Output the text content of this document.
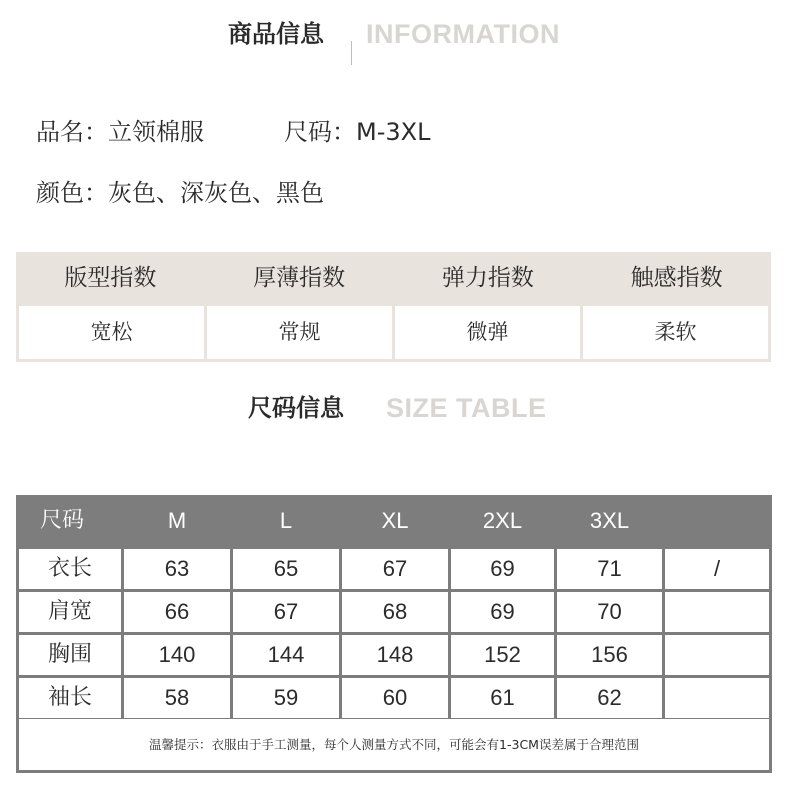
商品信息 INFORMATION
品名：立领棉服	尺码：M-3XL
颜色：灰色、深灰色、黑色
版型指数	厚薄指数	弹力指数	触感指数
宽松	常规	微弹	柔软
尺码信息 SIZE TABLE
尺码	M	L	XL	2XL	3XL
温馨提示：衣服由于手工测量，每个人测量方式不同，可能会有1-3CM误差属于合理范围
衣长	63	65	67	69	71	/
肩宽	66	67	68	69	70
胸围	140	144	148	152	156
袖长	58	59	60	61	62
